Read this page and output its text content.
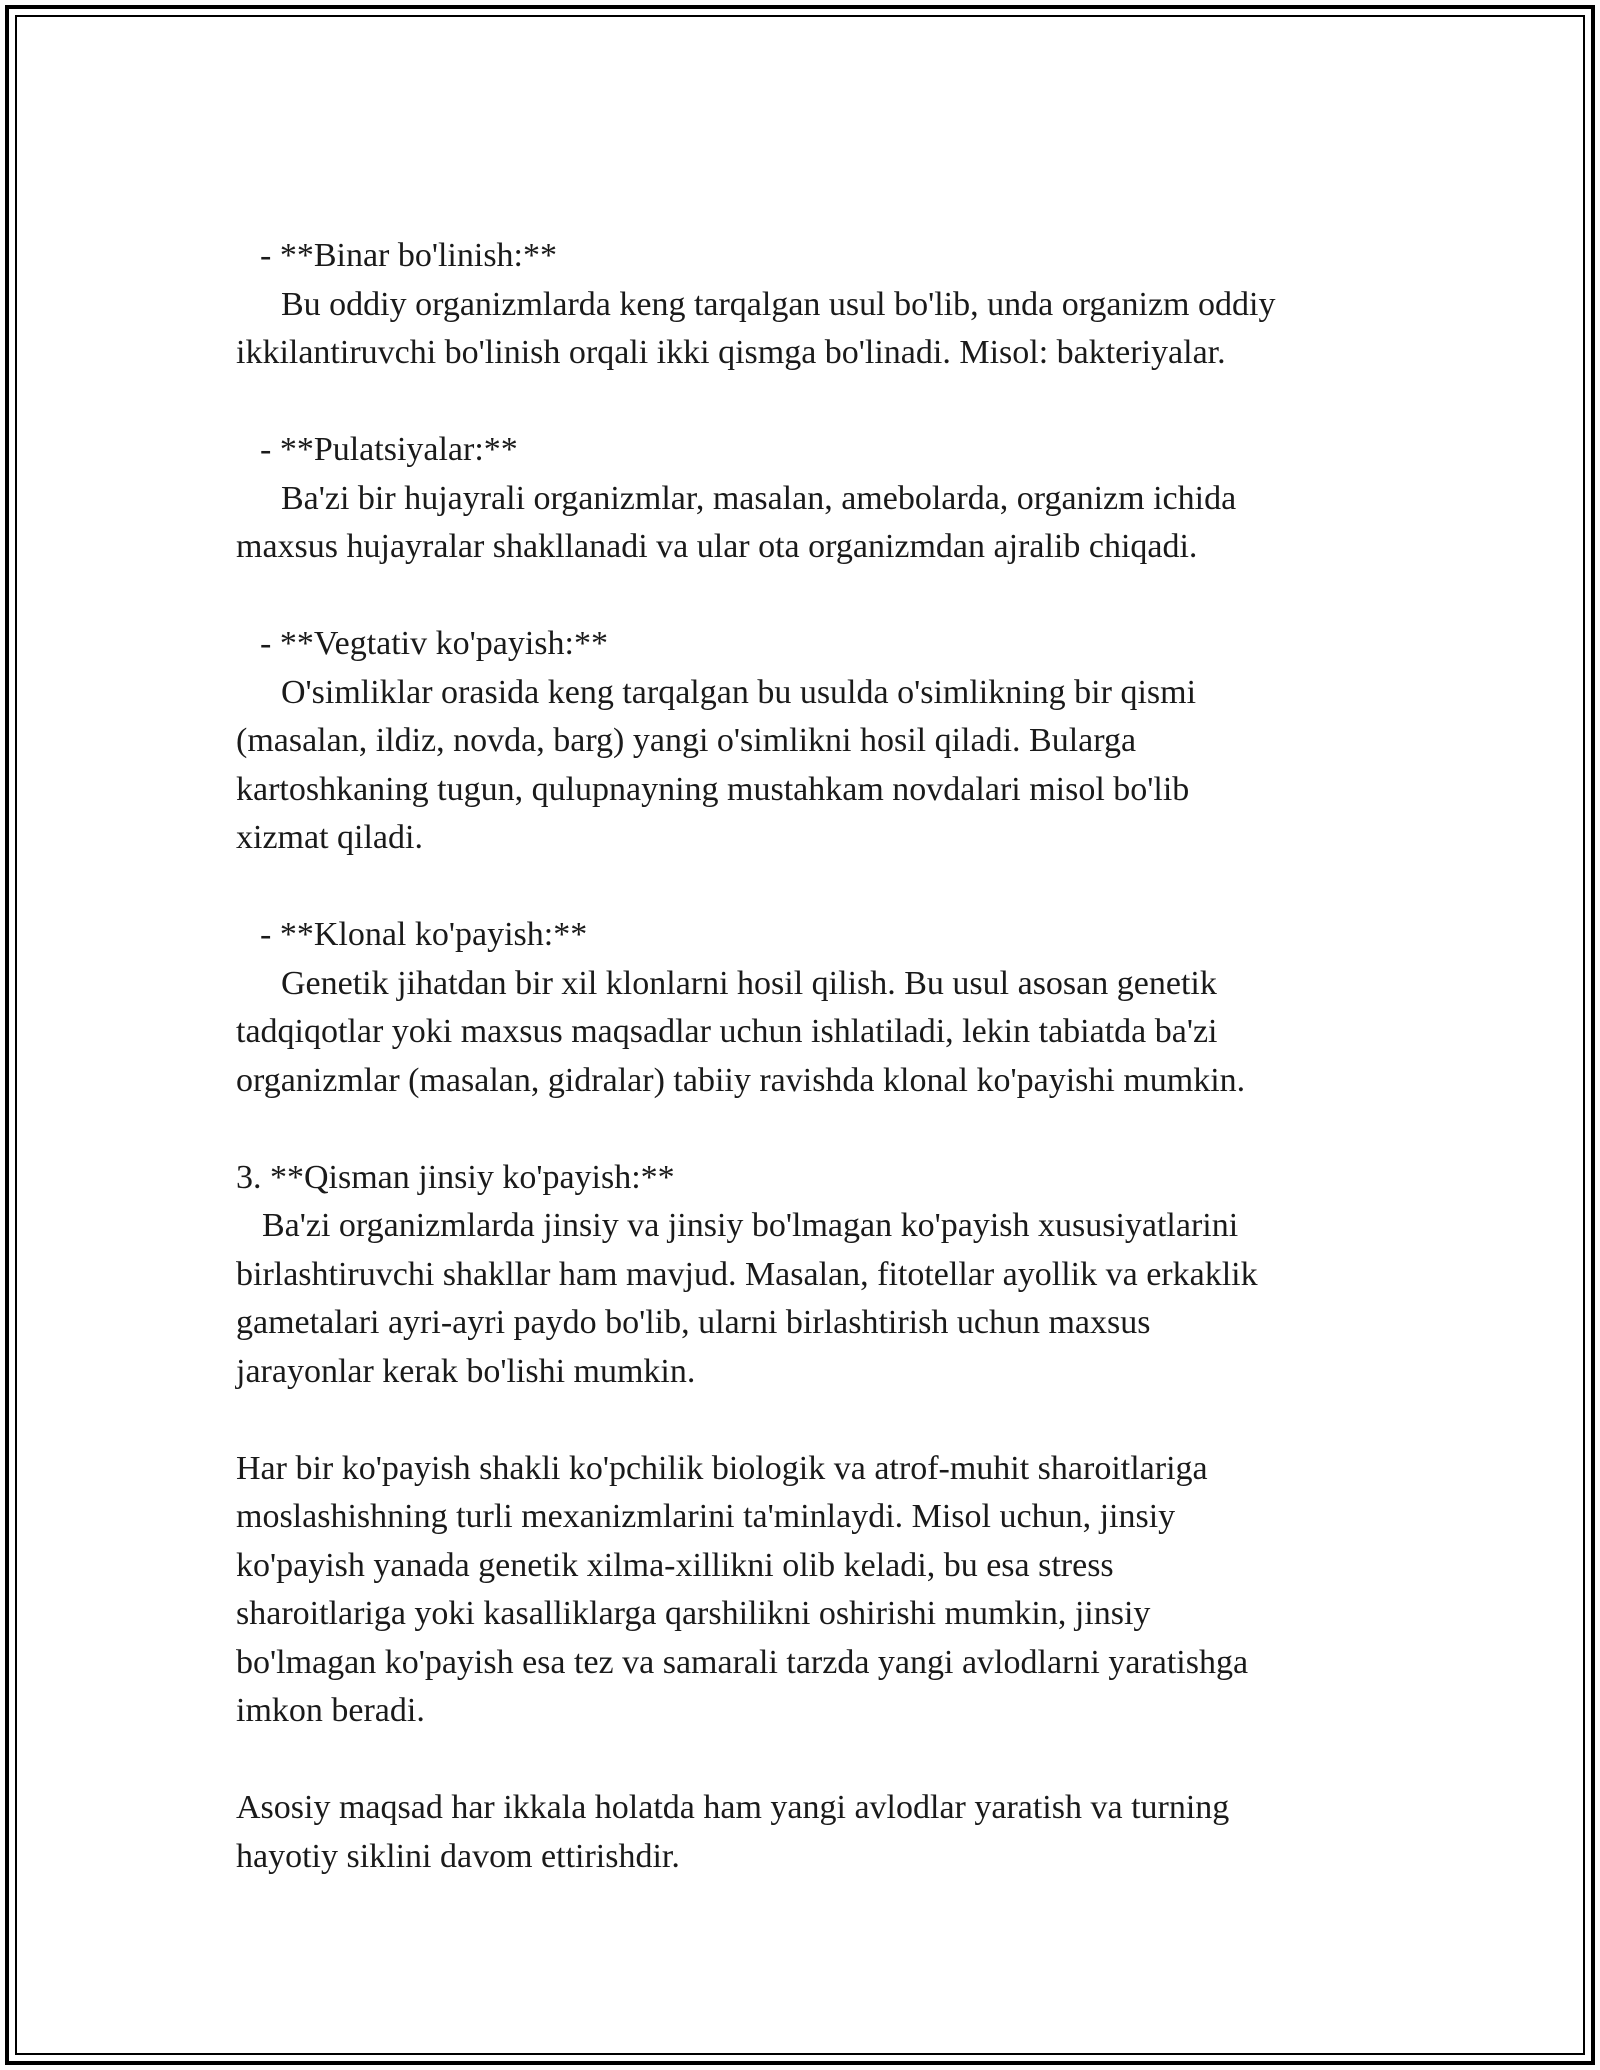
- **Binar bo'linish:**
Bu oddiy organizmlarda keng tarqalgan usul bo'lib, unda organizm oddiy
ikkilantiruvchi bo'linish orqali ikki qismga bo'linadi. Misol: bakteriyalar.
- **Pulatsiyalar:**
Ba'zi bir hujayrali organizmlar, masalan, amebolarda, organizm ichida
maxsus hujayralar shakllanadi va ular ota organizmdan ajralib chiqadi.
- **Vegtativ ko'payish:**
O'simliklar orasida keng tarqalgan bu usulda o'simlikning bir qismi
(masalan, ildiz, novda, barg) yangi o'simlikni hosil qiladi. Bularga
kartoshkaning tugun, qulupnayning mustahkam novdalari misol bo'lib
xizmat qiladi.
- **Klonal ko'payish:**
Genetik jihatdan bir xil klonlarni hosil qilish. Bu usul asosan genetik
tadqiqotlar yoki maxsus maqsadlar uchun ishlatiladi, lekin tabiatda ba'zi
organizmlar (masalan, gidralar) tabiiy ravishda klonal ko'payishi mumkin.
3. **Qisman jinsiy ko'payish:**
Ba'zi organizmlarda jinsiy va jinsiy bo'lmagan ko'payish xususiyatlarini
birlashtiruvchi shakllar ham mavjud. Masalan, fitotellar ayollik va erkaklik
gametalari ayri-ayri paydo bo'lib, ularni birlashtirish uchun maxsus
jarayonlar kerak bo'lishi mumkin.
Har bir ko'payish shakli ko'pchilik biologik va atrof-muhit sharoitlariga
moslashishning turli mexanizmlarini ta'minlaydi. Misol uchun, jinsiy
ko'payish yanada genetik xilma-xillikni olib keladi, bu esa stress
sharoitlariga yoki kasalliklarga qarshilikni oshirishi mumkin, jinsiy
bo'lmagan ko'payish esa tez va samarali tarzda yangi avlodlarni yaratishga
imkon beradi.
Asosiy maqsad har ikkala holatda ham yangi avlodlar yaratish va turning
hayotiy siklini davom ettirishdir.
